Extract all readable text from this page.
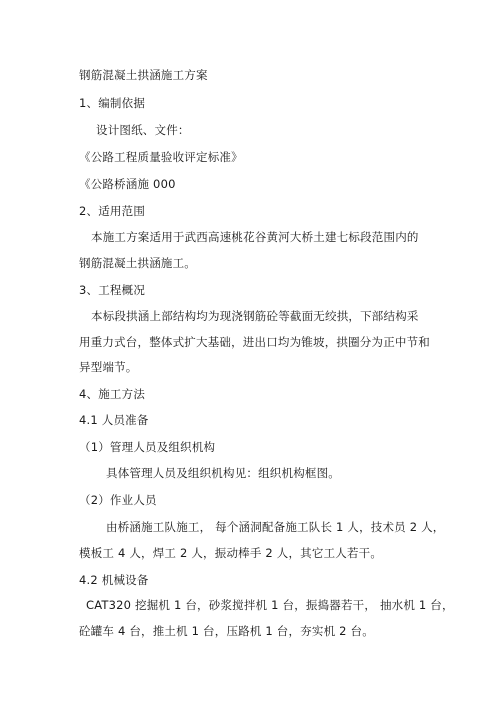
钢筋混凝土拱涵施工方案
1、编制依据
设计图纸、文件：
《公路工程质量验收评定标准》
《公路桥涵施 000
2、适用范围
本施工方案适用于武西高速桃花谷黄河大桥土建七标段范围内的
钢筋混凝土拱涵施工。
3、工程概况
本标段拱涵上部结构均为现浇钢筋砼等截面无绞拱，下部结构采
用重力式台，整体式扩大基础，进出口均为锥坡，拱圈分为正中节和
异型端节。
4、施工方法
4.1 人员准备
（1）管理人员及组织机构
具体管理人员及组织机构见：组织机构框图。
（2）作业人员
由桥涵施工队施工， 每个涵洞配备施工队长 1 人，技术员 2 人，
模板工 4 人，焊工 2 人，振动棒手 2 人，其它工人若干。
4.2 机械设备
CAT320 挖掘机 1 台，砂浆搅拌机 1 台，振捣器若干， 抽水机 1 台，
砼罐车 4 台，推土机 1 台，压路机 1 台，夯实机 2 台。
